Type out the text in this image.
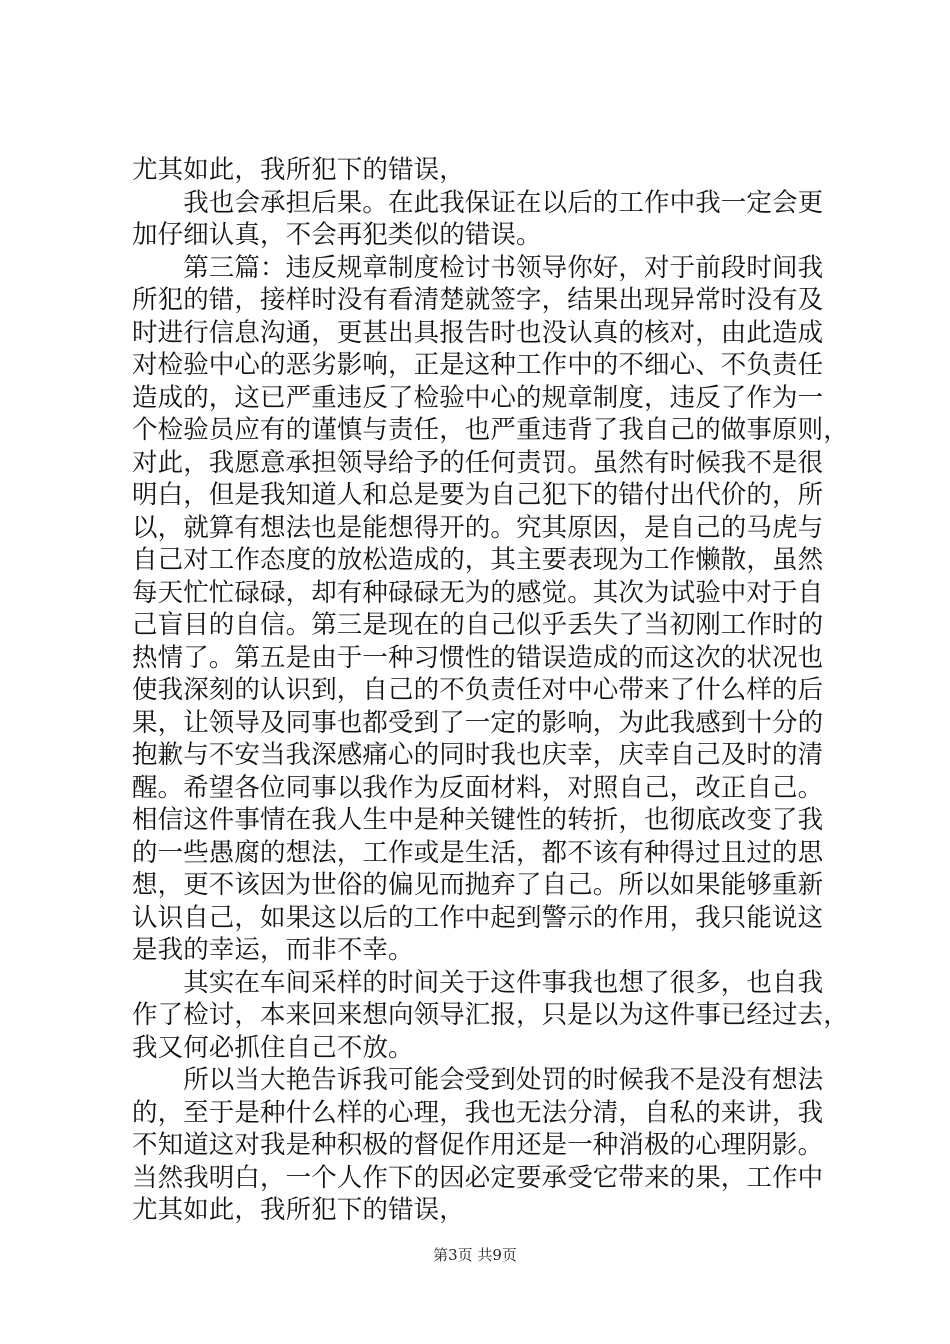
尤其如此，我所犯下的错误，
　　我也会承担后果。在此我保证在以后的工作中我一定会更
加仔细认真，不会再犯类似的错误。
　　第三篇：违反规章制度检讨书领导你好，对于前段时间我
所犯的错，接样时没有看清楚就签字，结果出现异常时没有及
时进行信息沟通，更甚出具报告时也没认真的核对，由此造成
对检验中心的恶劣影响，正是这种工作中的不细心、不负责任
造成的，这已严重违反了检验中心的规章制度，违反了作为一
个检验员应有的谨慎与责任，也严重违背了我自己的做事原则，
对此，我愿意承担领导给予的任何责罚。虽然有时候我不是很
明白，但是我知道人和总是要为自己犯下的错付出代价的，所
以，就算有想法也是能想得开的。究其原因，是自己的马虎与
自己对工作态度的放松造成的，其主要表现为工作懒散，虽然
每天忙忙碌碌，却有种碌碌无为的感觉。其次为试验中对于自
己盲目的自信。第三是现在的自己似乎丢失了当初刚工作时的
热情了。第五是由于一种习惯性的错误造成的而这次的状况也
使我深刻的认识到，自己的不负责任对中心带来了什么样的后
果，让领导及同事也都受到了一定的影响，为此我感到十分的
抱歉与不安当我深感痛心的同时我也庆幸，庆幸自己及时的清
醒。希望各位同事以我作为反面材料，对照自己，改正自己。
相信这件事情在我人生中是种关键性的转折，也彻底改变了我
的一些愚腐的想法，工作或是生活，都不该有种得过且过的思
想，更不该因为世俗的偏见而抛弃了自己。所以如果能够重新
认识自己，如果这以后的工作中起到警示的作用，我只能说这
是我的幸运，而非不幸。
　　其实在车间采样的时间关于这件事我也想了很多，也自我
作了检讨，本来回来想向领导汇报，只是以为这件事已经过去，
我又何必抓住自己不放。
　　所以当大艳告诉我可能会受到处罚的时候我不是没有想法
的，至于是种什么样的心理，我也无法分清，自私的来讲，我
不知道这对我是种积极的督促作用还是一种消极的心理阴影。
当然我明白，一个人作下的因必定要承受它带来的果，工作中
尤其如此，我所犯下的错误，
第3页 共9页
